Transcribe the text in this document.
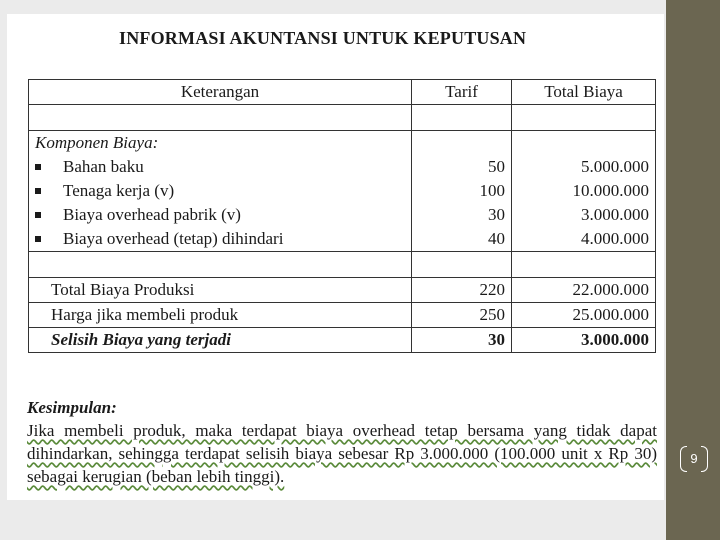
9
INFORMASI AKUNTANSI UNTUK KEPUTUSAN
Keterangan	Tarif	Total Biaya

Komponen Biaya:		
Bahan baku	50	5.000.000
Tenaga kerja (v)	100	10.000.000
Biaya overhead pabrik (v)	30	3.000.000
Biaya overhead (tetap) dihindari	40	4.000.000

Total Biaya Produksi	220	22.000.000
Harga jika membeli produk	250	25.000.000
Selisih Biaya yang terjadi	30	3.000.000
Kesimpulan:
Jika membeli produk, maka terdapat biaya overhead tetap bersama yang tidak dapat dihindarkan, sehingga terdapat selisih biaya sebesar Rp 3.000.000 (100.000 unit x Rp 30) sebagai kerugian (beban lebih tinggi).
